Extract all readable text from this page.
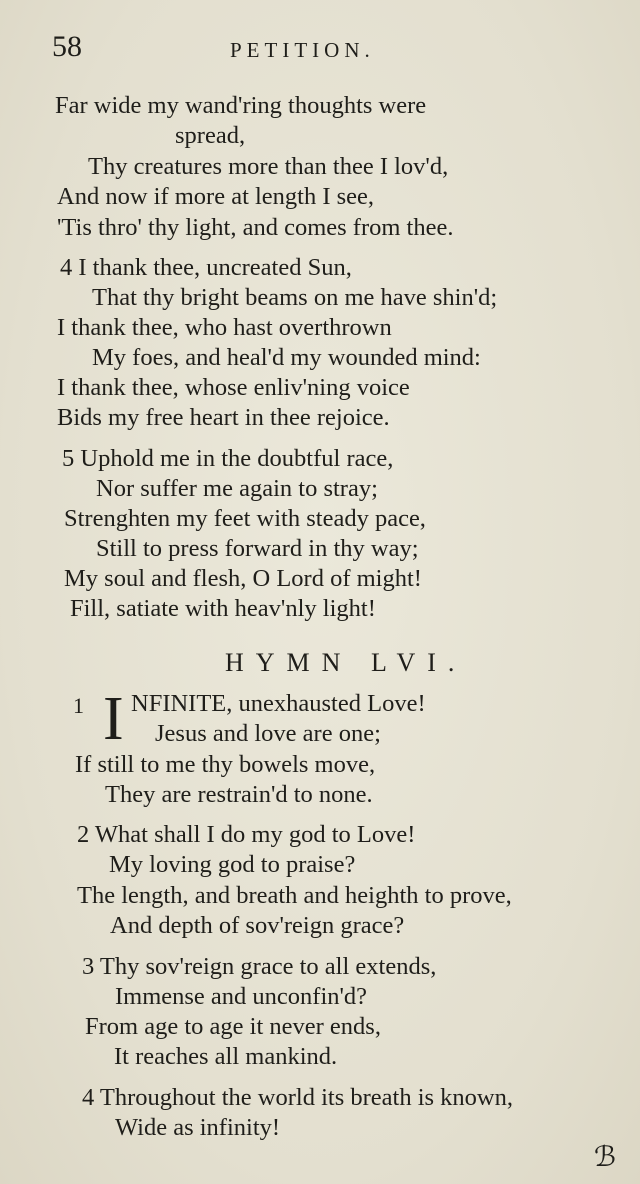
58	PETITION.
Far wide my wand'ring thoughts were
spread,
Thy creatures more than thee I lov'd,
And now if more at length I see,
'Tis thro' thy light, and comes from thee.
4 I thank thee, uncreated Sun,
That thy bright beams on me have shin'd;
I thank thee, who hast overthrown
My foes, and heal'd my wounded mind:
I thank thee, whose enliv'ning voice
Bids my free heart in thee rejoice.
5 Uphold me in the doubtful race,
Nor suffer me again to stray;
Strenghten my feet with steady pace,
Still to press forward in thy way;
My soul and flesh, O Lord of might!
Fill, satiate with heav'nly light!
HYMN LVI.
1 I NFINITE, unexhausted Love!
Jesus and love are one;
If still to me thy bowels move,
They are restrain'd to none.
2 What shall I do my god to Love!
My loving god to praise?
The length, and breath and heighth to prove,
And depth of sov'reign grace?
3 Thy sov'reign grace to all extends,
Immense and unconfin'd?
From age to age it never ends,
It reaches all mankind.
4 Throughout the world its breath is known,
Wide as infinity!
ℬ
